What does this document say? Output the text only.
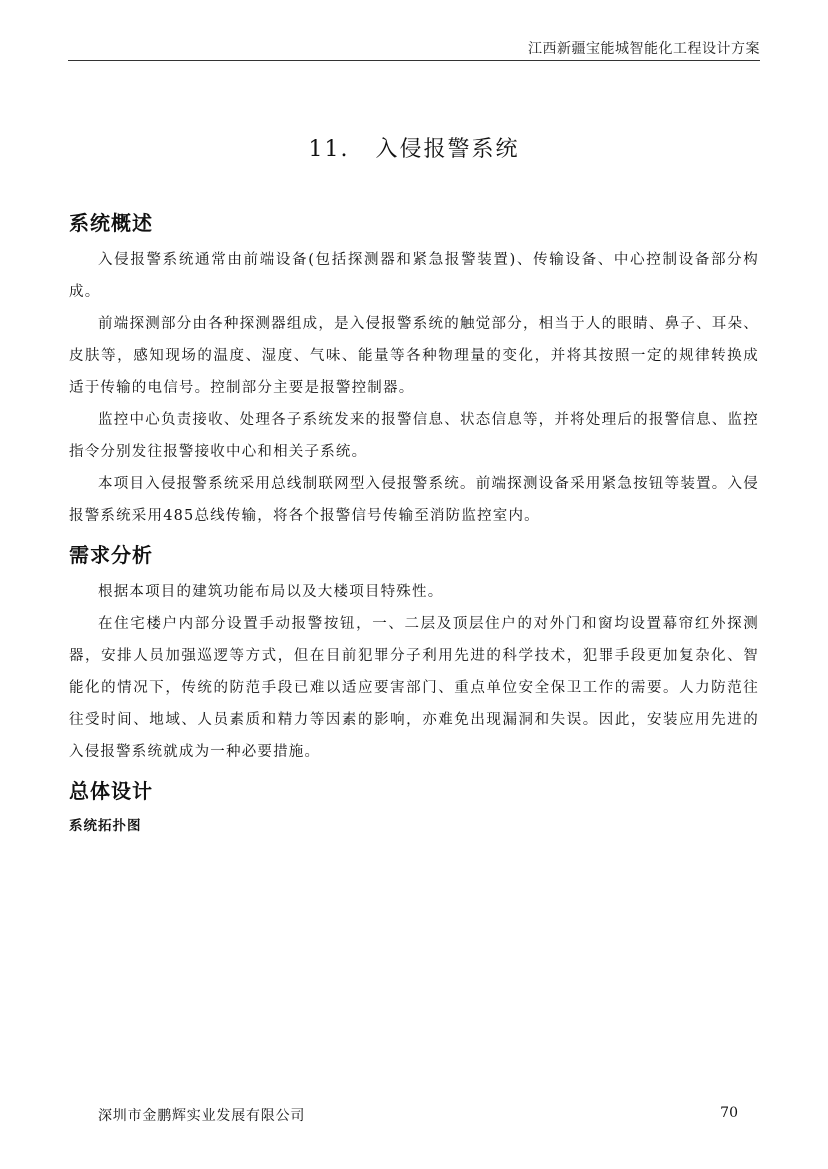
江西新疆宝能城智能化工程设计方案
11. 入侵报警系统
系统概述

入侵报警系统通常由前端设备(包括探测器和紧急报警装置)、传输设备、中心控制设备部分构成。

前端探测部分由各种探测器组成，是入侵报警系统的触觉部分，相当于人的眼睛、鼻子、耳朵、皮肤等，感知现场的温度、湿度、气味、能量等各种物理量的变化，并将其按照一定的规律转换成适于传输的电信号。控制部分主要是报警控制器。

监控中心负责接收、处理各子系统发来的报警信息、状态信息等，并将处理后的报警信息、监控指令分别发往报警接收中心和相关子系统。

本项目入侵报警系统采用总线制联网型入侵报警系统。前端探测设备采用紧急按钮等装置。入侵报警系统采用485总线传输，将各个报警信号传输至消防监控室内。

需求分析

根据本项目的建筑功能布局以及大楼项目特殊性。

在住宅楼户内部分设置手动报警按钮，一、二层及顶层住户的对外门和窗均设置幕帘红外探测器，安排人员加强巡逻等方式，但在目前犯罪分子利用先进的科学技术，犯罪手段更加复杂化、智能化的情况下，传统的防范手段已难以适应要害部门、重点单位安全保卫工作的需要。人力防范往往受时间、地域、人员素质和精力等因素的影响，亦难免出现漏洞和失误。因此，安装应用先进的入侵报警系统就成为一种必要措施。

总体设计
系统拓扑图
深圳市金鹏辉实业发展有限公司	70
